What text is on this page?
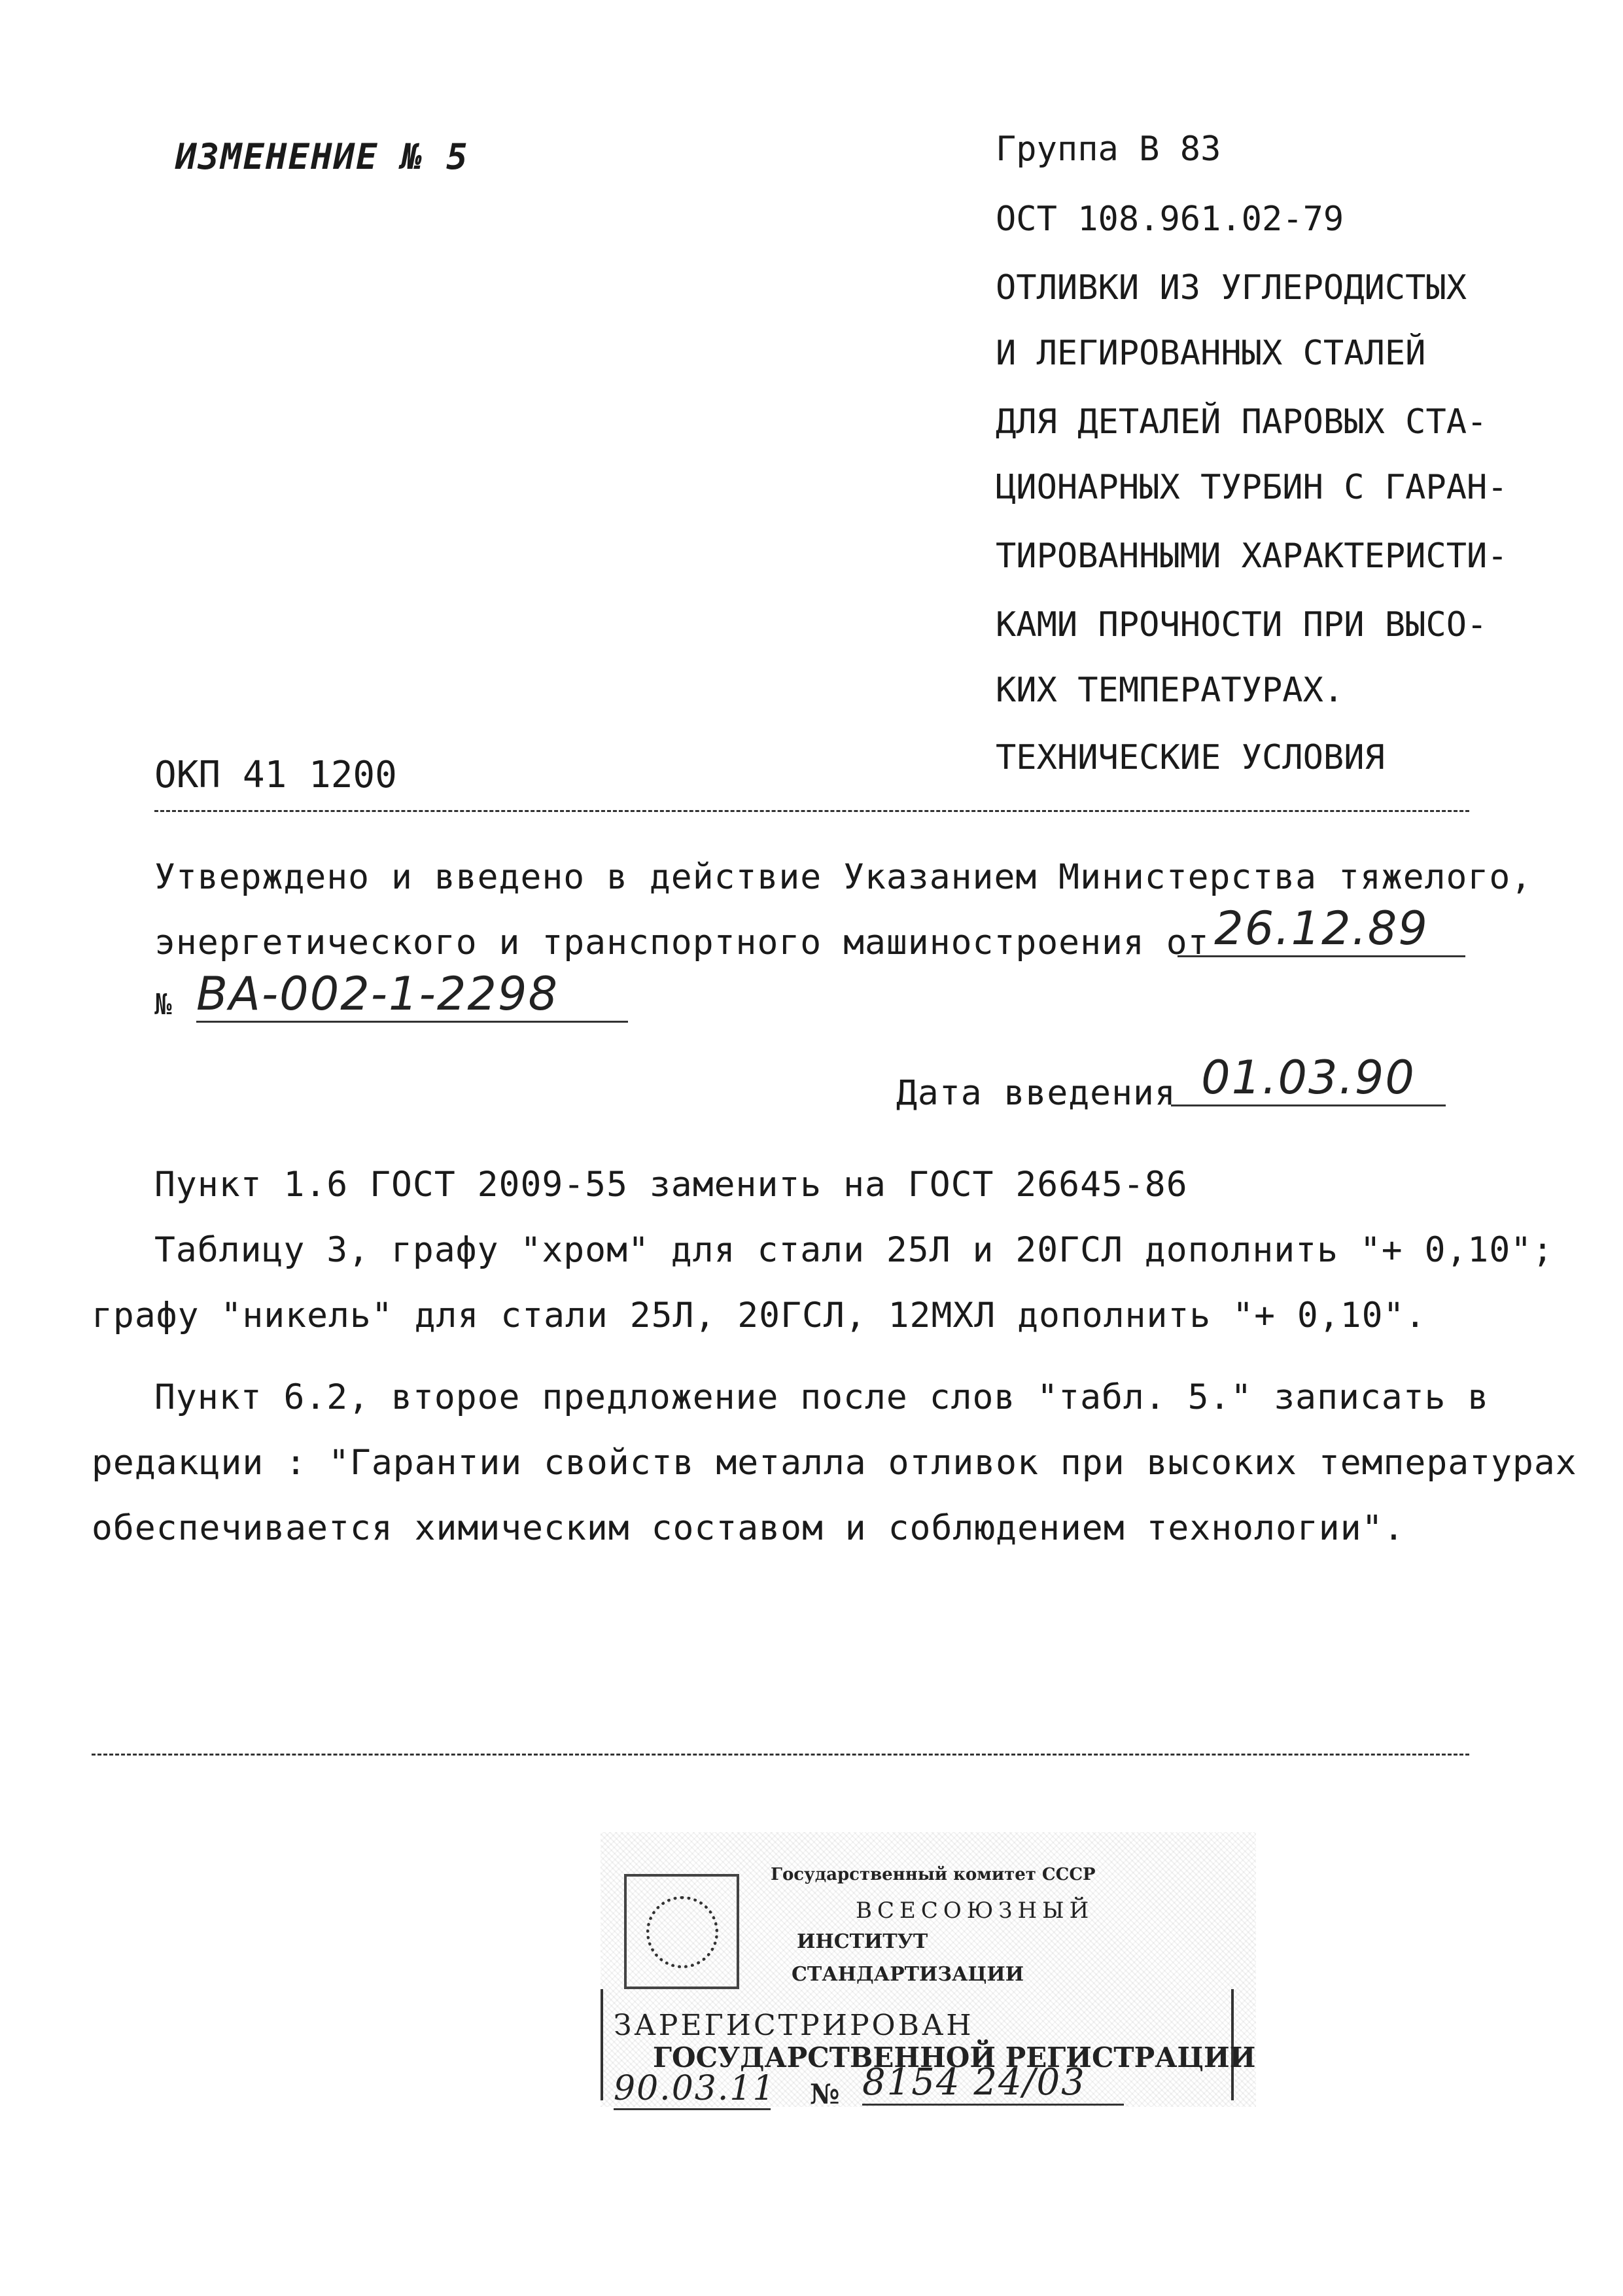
ИЗМЕНЕНИЕ № 5	Группа В 83
ОСТ 108.961.02-79
ОТЛИВКИ ИЗ УГЛЕРОДИСТЫХ
И ЛЕГИРОВАННЫХ СТАЛЕЙ
ДЛЯ ДЕТАЛЕЙ ПАРОВЫХ СТА-
ЦИОНАРНЫХ ТУРБИН С ГАРАН-
ТИРОВАННЫМИ ХАРАКТЕРИСТИ-
КАМИ ПРОЧНОСТИ ПРИ ВЫСО-
КИХ ТЕМПЕРАТУРАХ.
ТЕХНИЧЕСКИЕ УСЛОВИЯ
ОКП 41 1200
Утверждено и введено в действие Указанием Министерства тяжелого,
энергетического и транспортного машиностроения от 26.12.89
№ ВА-002-1-2298
Дата введения 01.03.90
Пункт 1.6 ГОСТ 2009-55 заменить на ГОСТ 26645-86
Таблицу 3, графу "хром" для стали 25Л и 20ГСЛ дополнить "+ 0,10";
графу "никель" для стали 25Л, 20ГСЛ, 12МХЛ дополнить "+ 0,10".
Пункт 6.2, второе предложение после слов "табл. 5." записать в
редакции : "Гарантии свойств металла отливок при высоких температурах
обеспечивается химическим составом и соблюдением технологии".
Государственный комитет СССР
ВСЕСОЮЗНЫЙ
ИНСТИТУТ
СТАНДАРТИЗАЦИИ
ЗАРЕГИСТРИРОВАН
ГОСУДАРСТВЕННОЙ РЕГИСТРАЦИИ
90.03.11 № 8154 24/03
